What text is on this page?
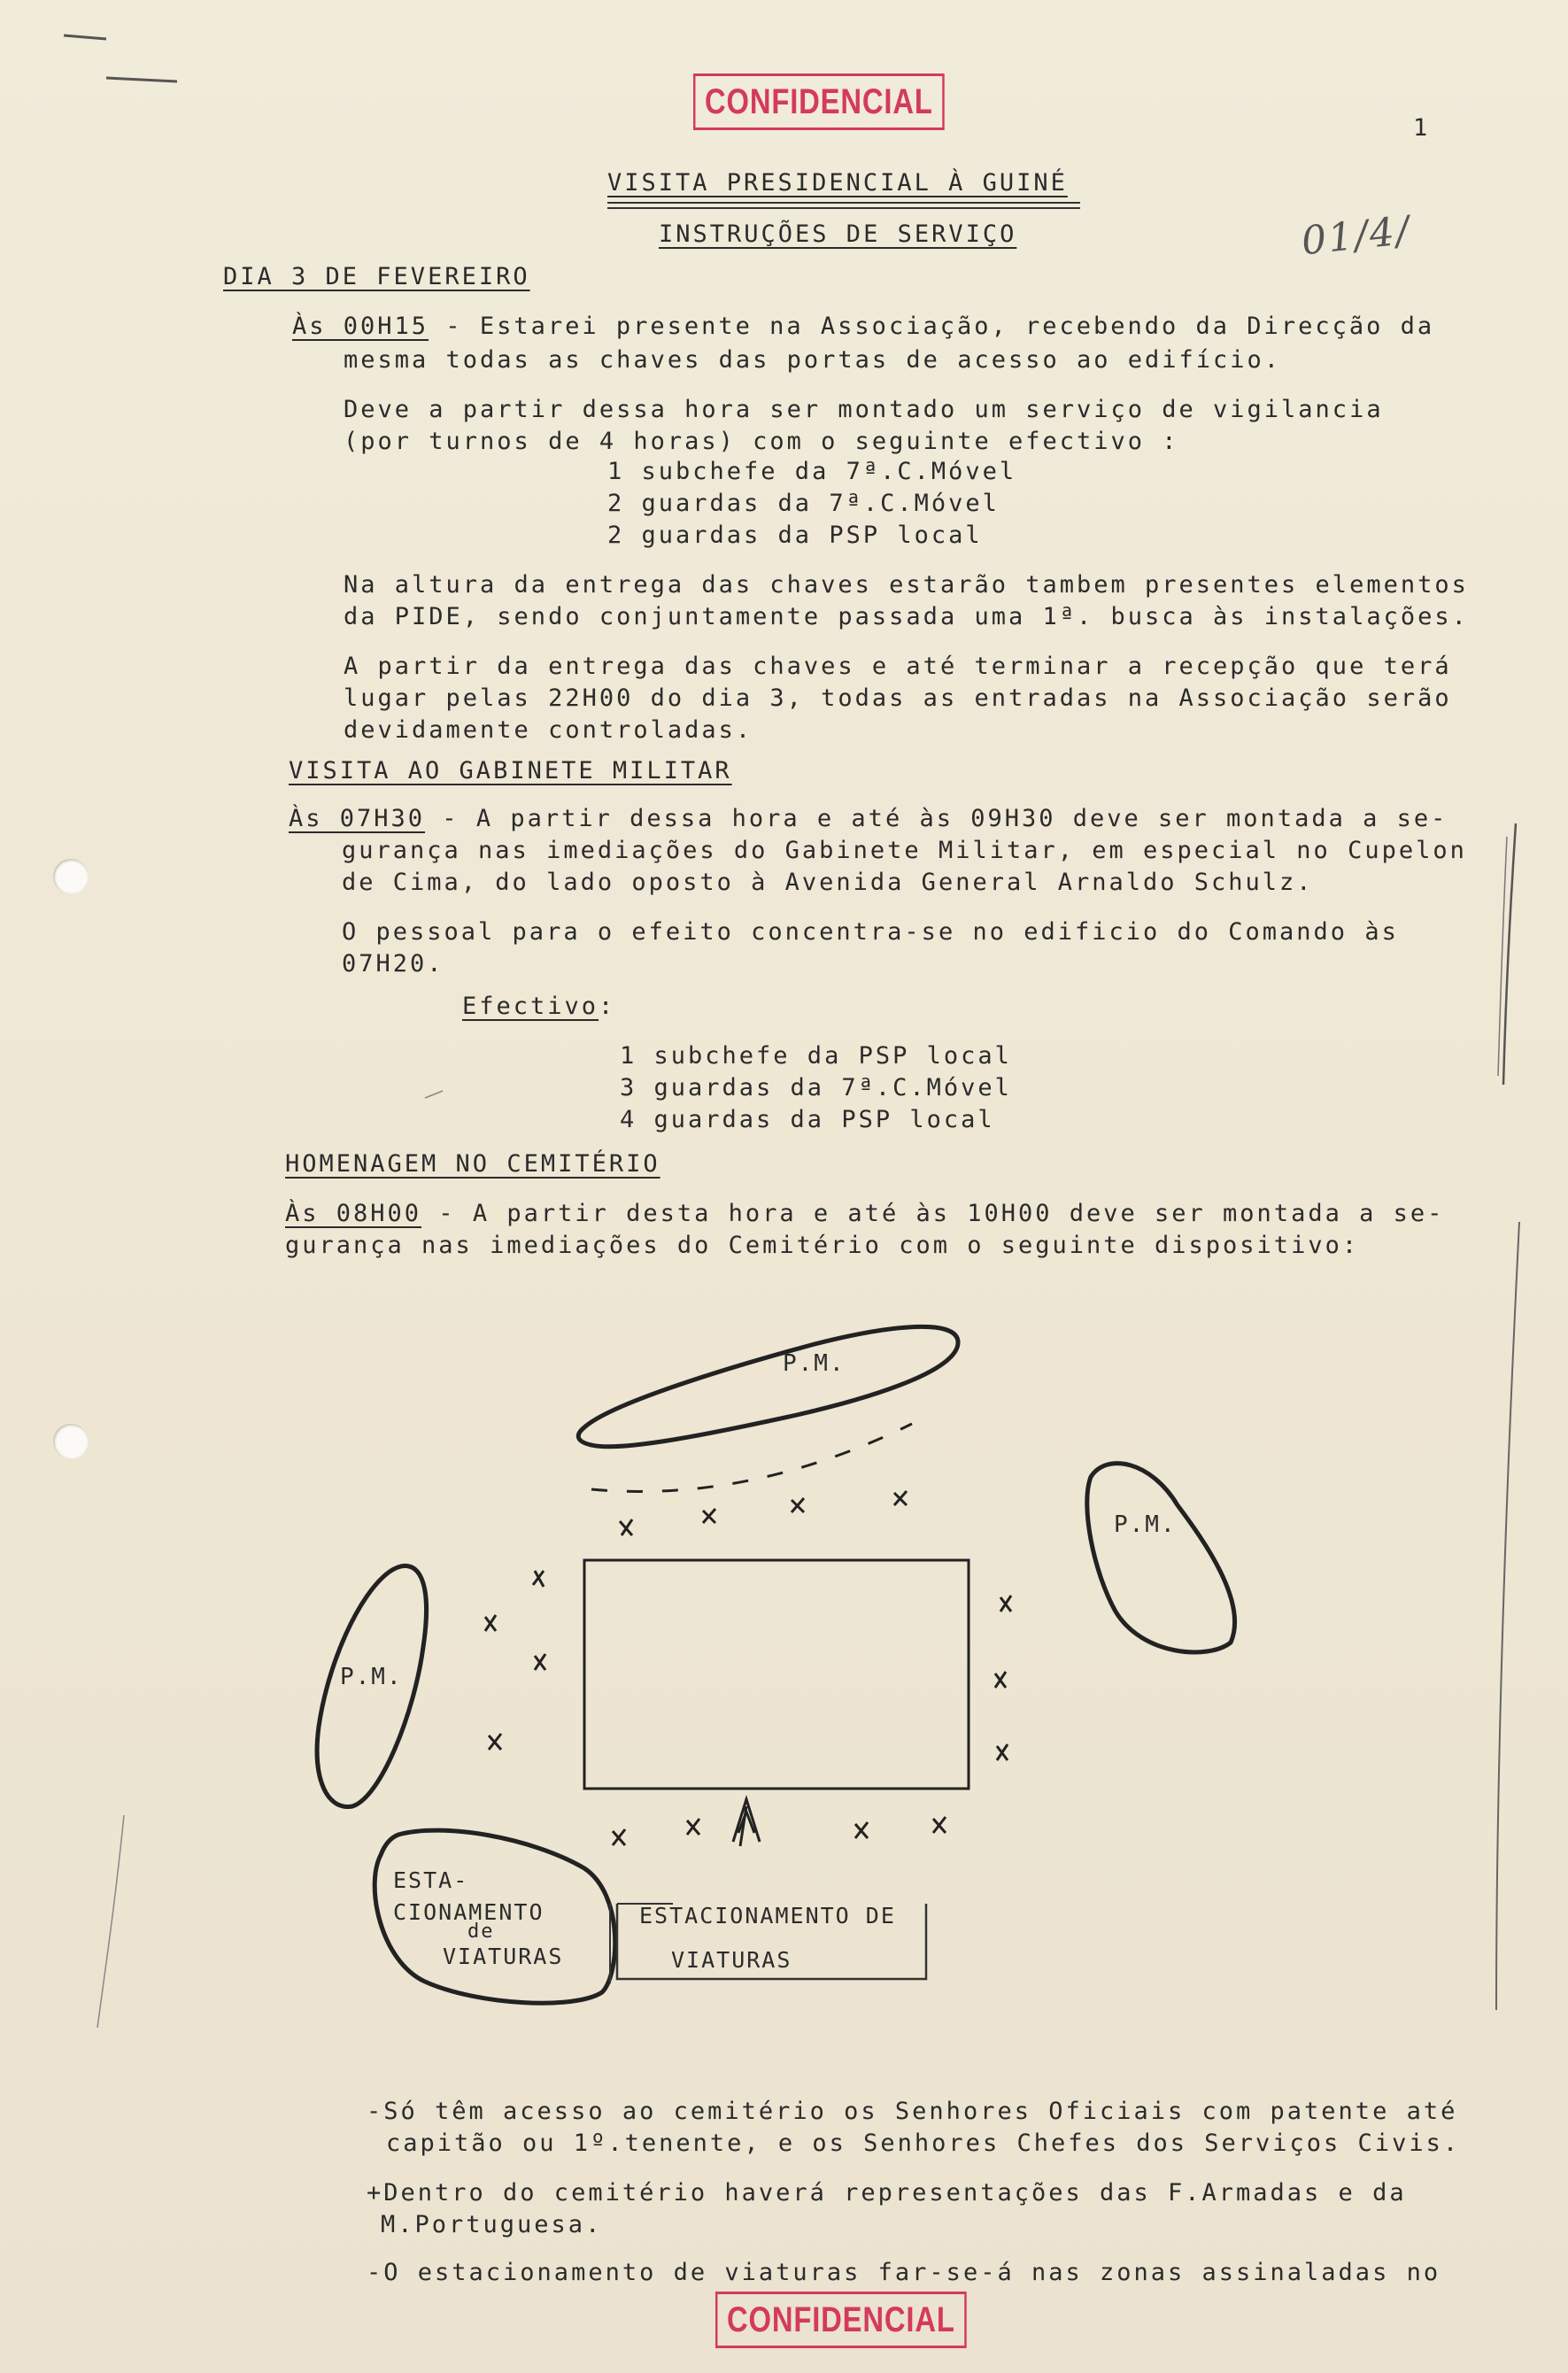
CONFIDENCIAL
CONFIDENCIAL
1
01/4/
VISITA PRESIDENCIAL À GUINÉ
INSTRUÇÕES DE SERVIÇO
DIA 3 DE FEVEREIRO
Às 00H15 - Estarei presente na Associação, recebendo da Direcção da
mesma todas as chaves das portas de acesso ao edifício.
Deve a partir dessa hora ser montado um serviço de vigilancia
(por turnos de 4 horas) com o seguinte efectivo :
1 subchefe da 7ª.C.Móvel
2 guardas da 7ª.C.Móvel
2 guardas da PSP local
Na altura da entrega das chaves estarão tambem presentes elementos
da PIDE, sendo conjuntamente passada uma 1ª. busca às instalações.
A partir da entrega das chaves e até terminar a recepção que terá
lugar pelas 22H00 do dia 3, todas as entradas na Associação serão
devidamente controladas.
VISITA AO GABINETE MILITAR
Às 07H30 - A partir dessa hora e até às 09H30 deve ser montada a se-
gurança nas imediações do Gabinete Militar, em especial no Cupelon
de Cima, do lado oposto à Avenida General Arnaldo Schulz.
O pessoal para o efeito concentra-se no edificio do Comando às
07H20.
Efectivo:
1 subchefe da PSP local
3 guardas da 7ª.C.Móvel
4 guardas da PSP local
HOMENAGEM NO CEMITÉRIO
Às 08H00 - A partir desta hora e até às 10H00 deve ser montada a se-
gurança nas imediações do Cemitério com o seguinte dispositivo:
P.M.
P.M.
P.M.
ESTA-
CIONAMENTO
de
VIATURAS
ESTACIONAMENTO DE
VIATURAS
-Só têm acesso ao cemitério os Senhores Oficiais com patente até
capitão ou 1º.tenente, e os Senhores Chefes dos Serviços Civis.
+Dentro do cemitério haverá representações das F.Armadas e da
M.Portuguesa.
-O estacionamento de viaturas far-se-á nas zonas assinaladas no
